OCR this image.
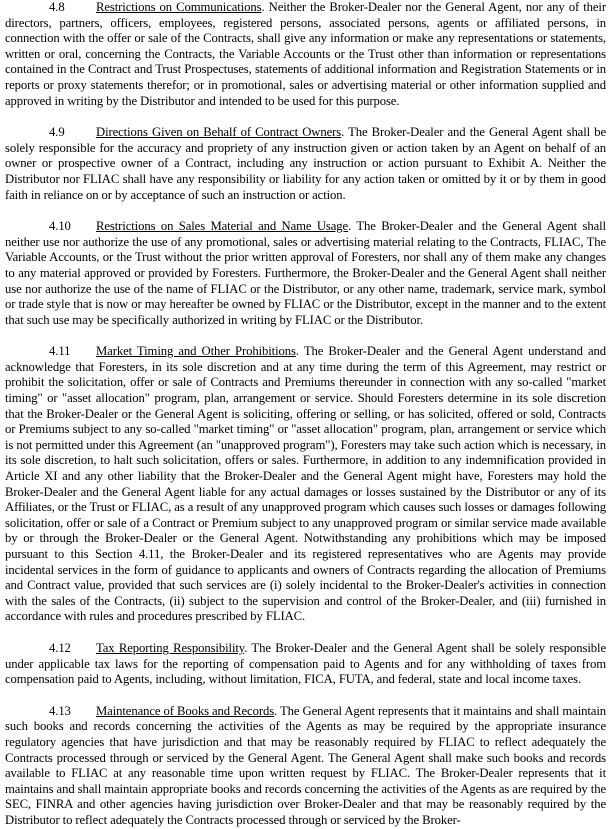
4.8 Restrictions on Communications. Neither the Broker-Dealer nor the General Agent, nor any of their directors, partners, officers, employees, registered persons, associated persons, agents or affiliated persons, in connection with the offer or sale of the Contracts, shall give any information or make any representations or statements, written or oral, concerning the Contracts, the Variable Accounts or the Trust other than information or representations contained in the Contract and Trust Prospectuses, statements of additional information and Registration Statements or in reports or proxy statements therefor; or in promotional, sales or advertising material or other information supplied and approved in writing by the Distributor and intended to be used for this purpose.

4.9 Directions Given on Behalf of Contract Owners. The Broker-Dealer and the General Agent shall be solely responsible for the accuracy and propriety of any instruction given or action taken by an Agent on behalf of an owner or prospective owner of a Contract, including any instruction or action pursuant to Exhibit A. Neither the Distributor nor FLIAC shall have any responsibility or liability for any action taken or omitted by it or by them in good faith in reliance on or by acceptance of such an instruction or action.

4.10 Restrictions on Sales Material and Name Usage. The Broker-Dealer and the General Agent shall neither use nor authorize the use of any promotional, sales or advertising material relating to the Contracts, FLIAC, The Variable Accounts, or the Trust without the prior written approval of Foresters, nor shall any of them make any changes to any material approved or provided by Foresters. Furthermore, the Broker-Dealer and the General Agent shall neither use nor authorize the use of the name of FLIAC or the Distributor, or any other name, trademark, service mark, symbol or trade style that is now or may hereafter be owned by FLIAC or the Distributor, except in the manner and to the extent that such use may be specifically authorized in writing by FLIAC or the Distributor.

4.11 Market Timing and Other Prohibitions. The Broker-Dealer and the General Agent understand and acknowledge that Foresters, in its sole discretion and at any time during the term of this Agreement, may restrict or prohibit the solicitation, offer or sale of Contracts and Premiums thereunder in connection with any so-called "market timing" or "asset allocation" program, plan, arrangement or service. Should Foresters determine in its sole discretion that the Broker-Dealer or the General Agent is soliciting, offering or selling, or has solicited, offered or sold, Contracts or Premiums subject to any so-called "market timing" or "asset allocation" program, plan, arrangement or service which is not permitted under this Agreement (an "unapproved program"), Foresters may take such action which is necessary, in its sole discretion, to halt such solicitation, offers or sales. Furthermore, in addition to any indemnification provided in Article XI and any other liability that the Broker-Dealer and the General Agent might have, Foresters may hold the Broker-Dealer and the General Agent liable for any actual damages or losses sustained by the Distributor or any of its Affiliates, or the Trust or FLIAC, as a result of any unapproved program which causes such losses or damages following solicitation, offer or sale of a Contract or Premium subject to any unapproved program or similar service made available by or through the Broker-Dealer or the General Agent. Notwithstanding any prohibitions which may be imposed pursuant to this Section 4.11, the Broker-Dealer and its registered representatives who are Agents may provide incidental services in the form of guidance to applicants and owners of Contracts regarding the allocation of Premiums and Contract value, provided that such services are (i) solely incidental to the Broker-Dealer's activities in connection with the sales of the Contracts, (ii) subject to the supervision and control of the Broker-Dealer, and (iii) furnished in accordance with rules and procedures prescribed by FLIAC.

4.12 Tax Reporting Responsibility. The Broker-Dealer and the General Agent shall be solely responsible under applicable tax laws for the reporting of compensation paid to Agents and for any withholding of taxes from compensation paid to Agents, including, without limitation, FICA, FUTA, and federal, state and local income taxes.

4.13 Maintenance of Books and Records. The General Agent represents that it maintains and shall maintain such books and records concerning the activities of the Agents as may be required by the appropriate insurance regulatory agencies that have jurisdiction and that may be reasonably required by FLIAC to reflect adequately the Contracts processed through or serviced by the General Agent. The General Agent shall make such books and records available to FLIAC at any reasonable time upon written request by FLIAC. The Broker-Dealer represents that it maintains and shall maintain appropriate books and records concerning the activities of the Agents as are required by the SEC, FINRA and other agencies having jurisdiction over Broker-Dealer and that may be reasonably required by the Distributor to reflect adequately the Contracts processed through or serviced by the Broker-
